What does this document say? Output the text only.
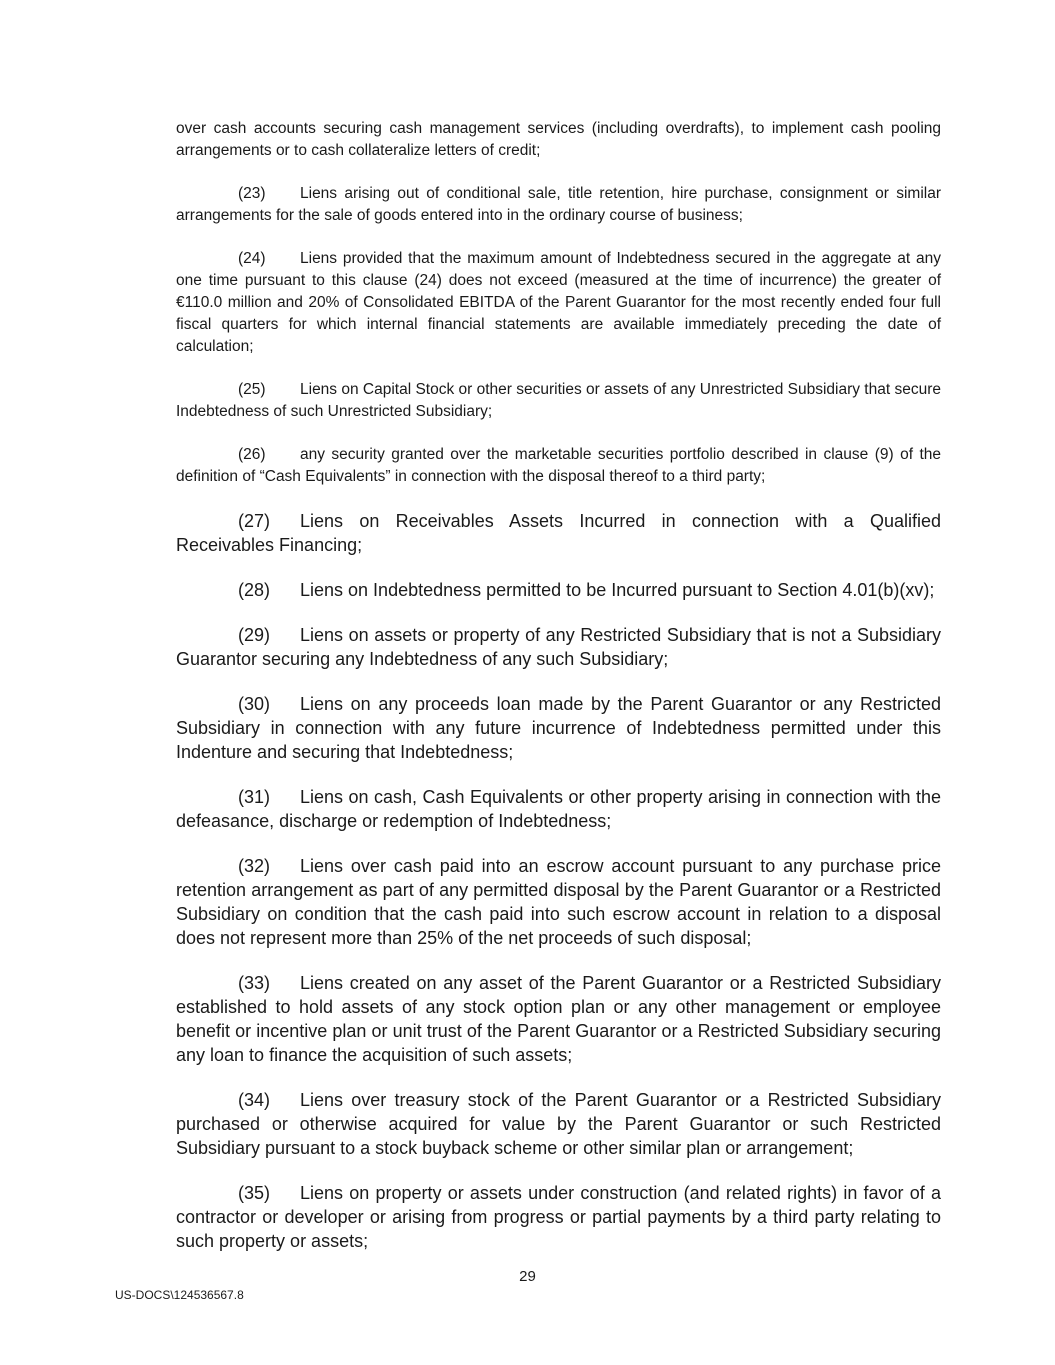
over cash accounts securing cash management services (including overdrafts), to implement cash pooling arrangements or to cash collateralize letters of credit;

(23) Liens arising out of conditional sale, title retention, hire purchase, consignment or similar arrangements for the sale of goods entered into in the ordinary course of business;

(24) Liens provided that the maximum amount of Indebtedness secured in the aggregate at any one time pursuant to this clause (24) does not exceed (measured at the time of incurrence) the greater of €110.0 million and 20% of Consolidated EBITDA of the Parent Guarantor for the most recently ended four full fiscal quarters for which internal financial statements are available immediately preceding the date of calculation;

(25) Liens on Capital Stock or other securities or assets of any Unrestricted Subsidiary that secure Indebtedness of such Unrestricted Subsidiary;

(26) any security granted over the marketable securities portfolio described in clause (9) of the definition of “Cash Equivalents” in connection with the disposal thereof to a third party;

(27) Liens on Receivables Assets Incurred in connection with a Qualified Receivables Financing;

(28) Liens on Indebtedness permitted to be Incurred pursuant to Section 4.01(b)(xv);

(29) Liens on assets or property of any Restricted Subsidiary that is not a Subsidiary Guarantor securing any Indebtedness of any such Subsidiary;

(30) Liens on any proceeds loan made by the Parent Guarantor or any Restricted Subsidiary in connection with any future incurrence of Indebtedness permitted under this Indenture and securing that Indebtedness;

(31) Liens on cash, Cash Equivalents or other property arising in connection with the defeasance, discharge or redemption of Indebtedness;

(32) Liens over cash paid into an escrow account pursuant to any purchase price retention arrangement as part of any permitted disposal by the Parent Guarantor or a Restricted Subsidiary on condition that the cash paid into such escrow account in relation to a disposal does not represent more than 25% of the net proceeds of such disposal;

(33) Liens created on any asset of the Parent Guarantor or a Restricted Subsidiary established to hold assets of any stock option plan or any other management or employee benefit or incentive plan or unit trust of the Parent Guarantor or a Restricted Subsidiary securing any loan to finance the acquisition of such assets;

(34) Liens over treasury stock of the Parent Guarantor or a Restricted Subsidiary purchased or otherwise acquired for value by the Parent Guarantor or such Restricted Subsidiary pursuant to a stock buyback scheme or other similar plan or arrangement;

(35) Liens on property or assets under construction (and related rights) in favor of a contractor or developer or arising from progress or partial payments by a third party relating to such property or assets;

29
US-DOCS\124536567.8
